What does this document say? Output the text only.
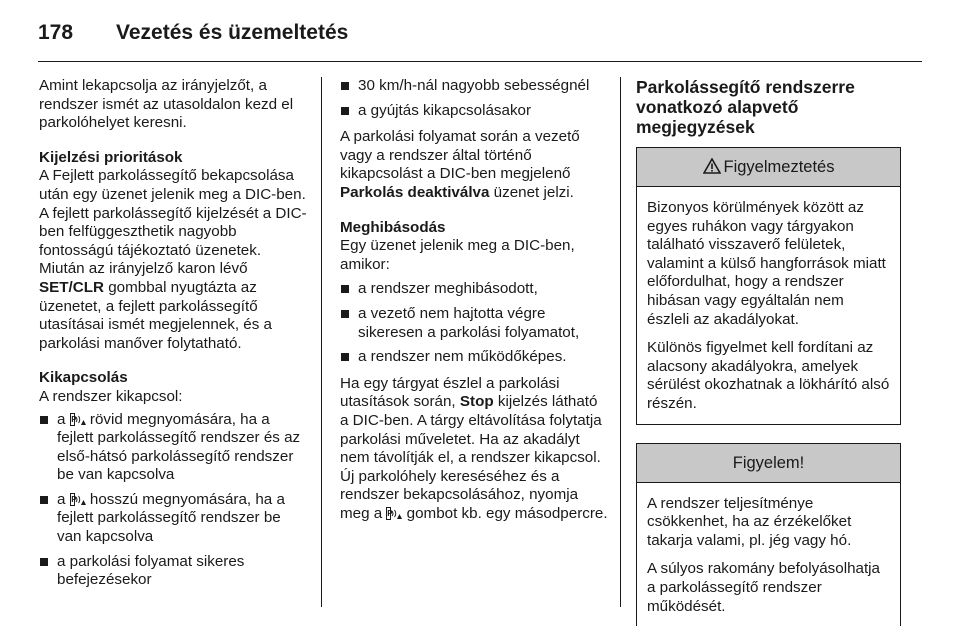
178	Vezetés és üzemeltetés

Amint lekapcsolja az irányjelzőt, a rendszer ismét az utasoldalon kezd el parkolóhelyet keresni.

Kijelzési prioritások

A Fejlett parkolássegítő bekapcsolása után egy üzenet jelenik meg a DIC-ben. A fejlett parkolássegítő kijelzését a DIC-ben felfüggeszthetik nagyobb fontosságú tájékoztató üzenetek. Miután az irányjelző karon lévő SET/CLR gombbal nyugtázta az üzenetet, a fejlett parkolássegítő utasításai ismét megjelennek, és a parkolási manőver folytatható.

Kikapcsolás
A rendszer kikapcsol:
a P rövid megnyomására, ha a fejlett parkolássegítő rendszer és az első-hátsó parkolássegítő rendszer be van kapcsolva
a P hosszú megnyomására, ha a fejlett parkolássegítő rendszer be van kapcsolva
a parkolási folyamat sikeres befejezésekor
30 km/h-nál nagyobb sebességnél
a gyújtás kikapcsolásakor

A parkolási folyamat során a vezető vagy a rendszer által történő kikapcsolást a DIC-ben megjelenő Parkolás deaktiválva üzenet jelzi.

Meghibásodás
Egy üzenet jelenik meg a DIC-ben, amikor:
a rendszer meghibásodott,
a vezető nem hajtotta végre sikeresen a parkolási folyamatot,
a rendszer nem működőképes.

Ha egy tárgyat észlel a parkolási utasítások során, Stop kijelzés látható a DIC-ben. A tárgy eltávolítása folytatja parkolási műveletet. Ha az akadályt nem távolítják el, a rendszer kikapcsol. Új parkolóhely kereséséhez és a rendszer bekapcsolásához, nyomja meg a P gombot kb. egy másodpercre.

Parkolássegítő rendszerre vonatkozó alapvető megjegyzések
Figyelmeztetés

Bizonyos körülmények között az egyes ruhákon vagy tárgyakon található visszaverő felületek, valamint a külső hangforrások miatt előfordulhat, hogy a rendszer hibásan vagy egyáltalán nem észleli az akadályokat.

Különös figyelmet kell fordítani az alacsony akadályokra, amelyek sérülést okozhatnak a lökhárító alsó részén.

Figyelem!

A rendszer teljesítménye csökkenhet, ha az érzékelőket takarja valami, pl. jég vagy hó.

A súlyos rakomány befolyásolhatja a parkolássegítő rendszer működését.
